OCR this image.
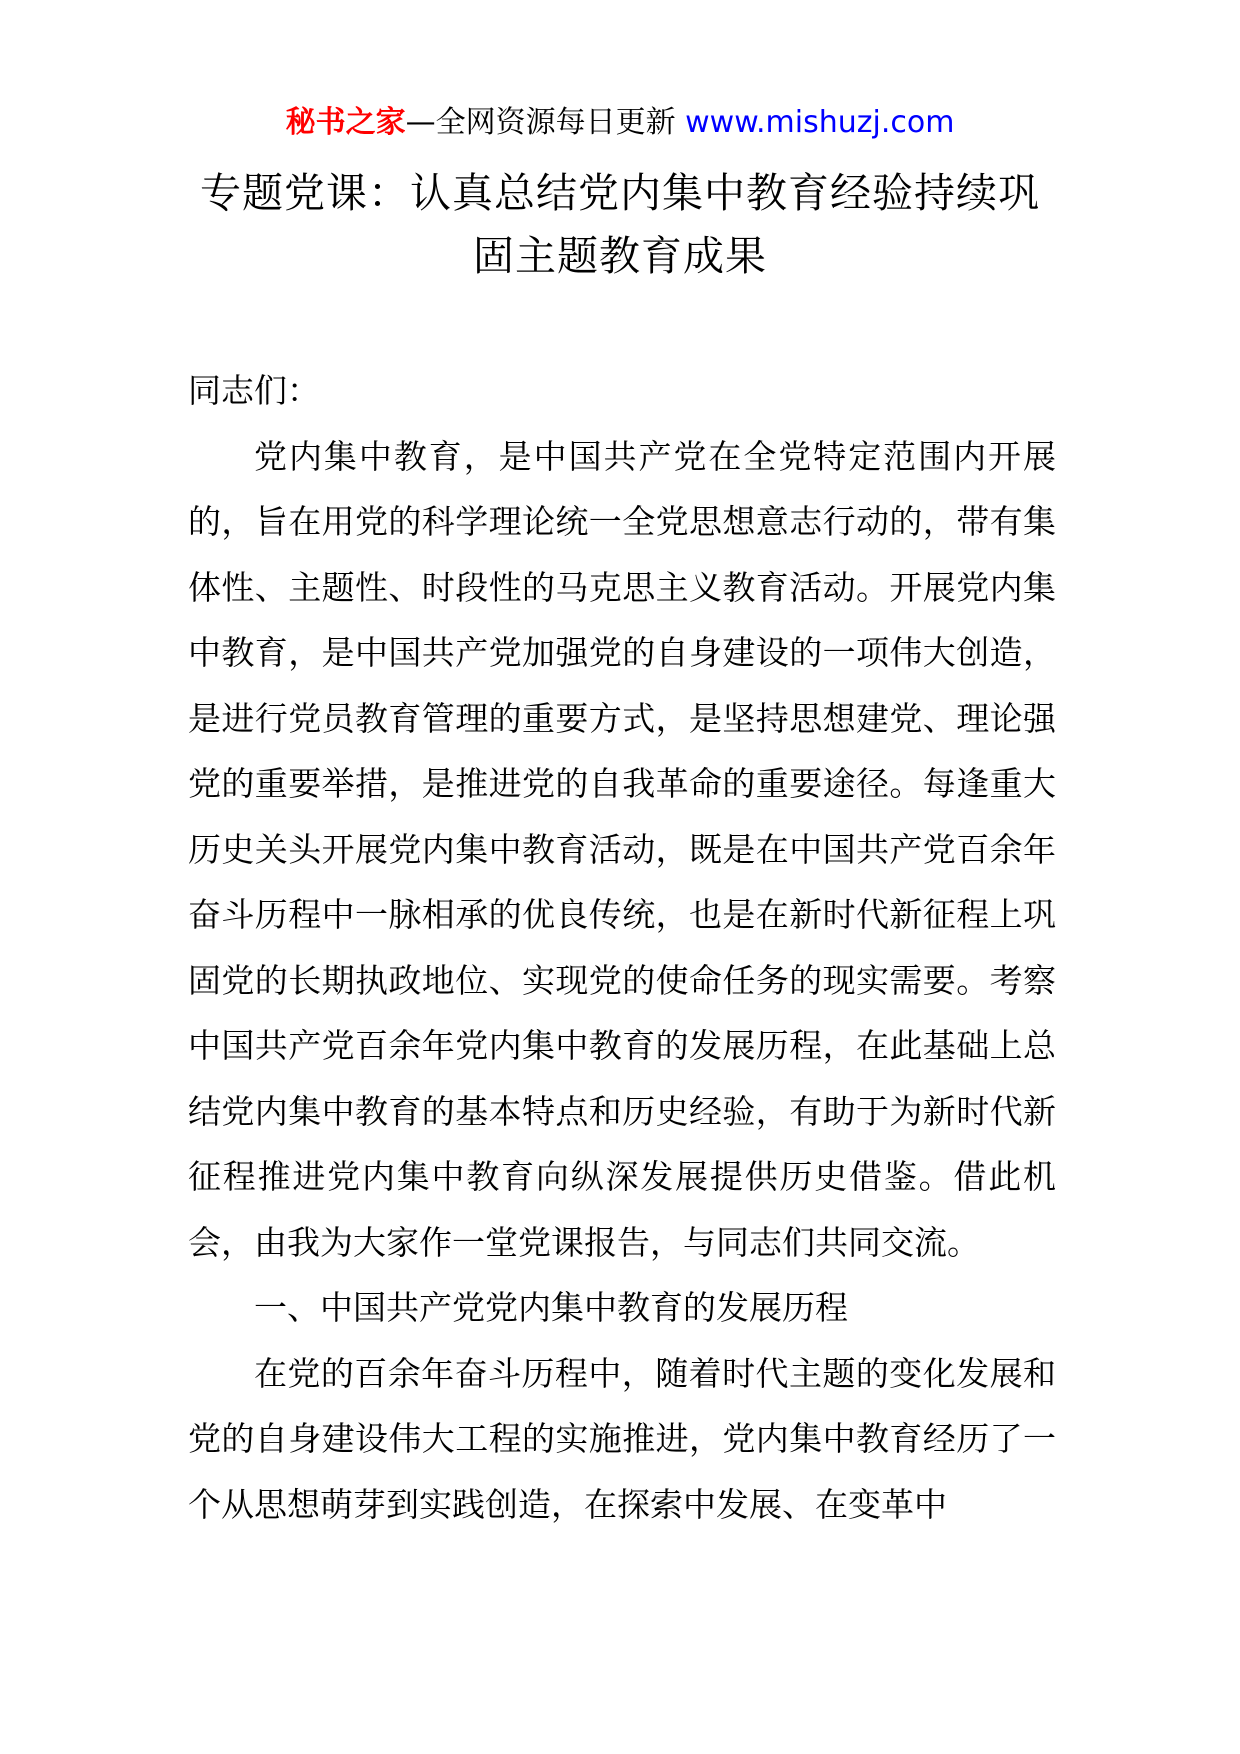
秘书之家—全网资源每日更新 www.mishuzj.com
专题党课：认真总结党内集中教育经验持续巩
固主题教育成果

同志们：

党内集中教育，是中国共产党在全党特定范围内开展的，旨在用党的科学理论统一全党思想意志行动的，带有集体性、主题性、时段性的马克思主义教育活动。开展党内集中教育，是中国共产党加强党的自身建设的一项伟大创造，是进行党员教育管理的重要方式，是坚持思想建党、理论强党的重要举措，是推进党的自我革命的重要途径。每逢重大历史关头开展党内集中教育活动，既是在中国共产党百余年奋斗历程中一脉相承的优良传统，也是在新时代新征程上巩固党的长期执政地位、实现党的使命任务的现实需要。考察中国共产党百余年党内集中教育的发展历程，在此基础上总结党内集中教育的基本特点和历史经验，有助于为新时代新征程推进党内集中教育向纵深发展提供历史借鉴。借此机会，由我为大家作一堂党课报告，与同志们共同交流。

一、中国共产党党内集中教育的发展历程

在党的百余年奋斗历程中，随着时代主题的变化发展和党的自身建设伟大工程的实施推进，党内集中教育经历了一个从思想萌芽到实践创造，在探索中发展、在变革中
